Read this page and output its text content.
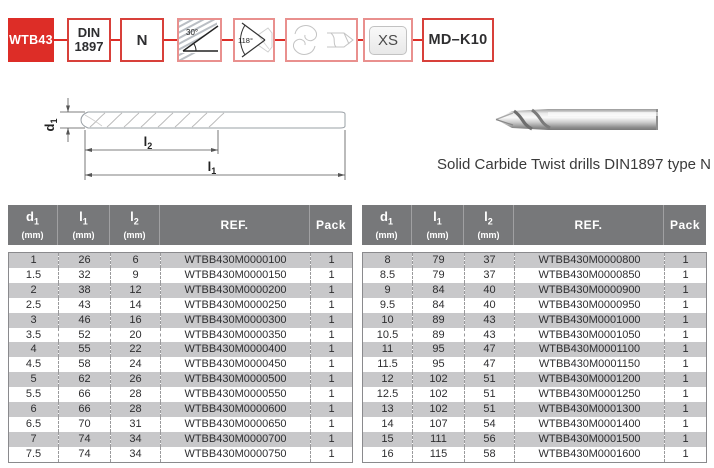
WTB43 DIN
1897 N	30°
118°	XS MD–K10
$d_1$
$l_2$
$l_1$	Solid Carbide Twist drills DIN1897 type N
$d_1$
(mm)
$l_1$
(mm)
$l_2$
(mm)
REF.	Pack
1	26	6	WTBB430M0000100	1
1.5	32	9	WTBB430M0000150	1
2	38	12	WTBB430M0000200	1
2.5	43	14	WTBB430M0000250	1
3	46	16	WTBB430M0000300	1
3.5	52	20	WTBB430M0000350	1
4	55	22	WTBB430M0000400	1
4.5	58	24	WTBB430M0000450	1
5	62	26	WTBB430M0000500	1
5.5	66	28	WTBB430M0000550	1
6	66	28	WTBB430M0000600	1
6.5	70	31	WTBB430M0000650	1
7	74	34	WTBB430M0000700	1
7.5	74	34	WTBB430M0000750	1
$d_1$
(mm)
$l_1$
(mm)
$l_2$
(mm)
REF.	Pack
8	79	37	WTBB430M0000800	1
8.5	79	37	WTBB430M0000850	1
9	84	40	WTBB430M0000900	1
9.5	84	40	WTBB430M0000950	1
10	89	43	WTBB430M0001000	1
10.5	89	43	WTBB430M0001050	1
11	95	47	WTBB430M0001100	1
11.5	95	47	WTBB430M0001150	1
12	102	51	WTBB430M0001200	1
12.5	102	51	WTBB430M0001250	1
13	102	51	WTBB430M0001300	1
14	107	54	WTBB430M0001400	1
15	111	56	WTBB430M0001500	1
16	115	58	WTBB430M0001600	1
